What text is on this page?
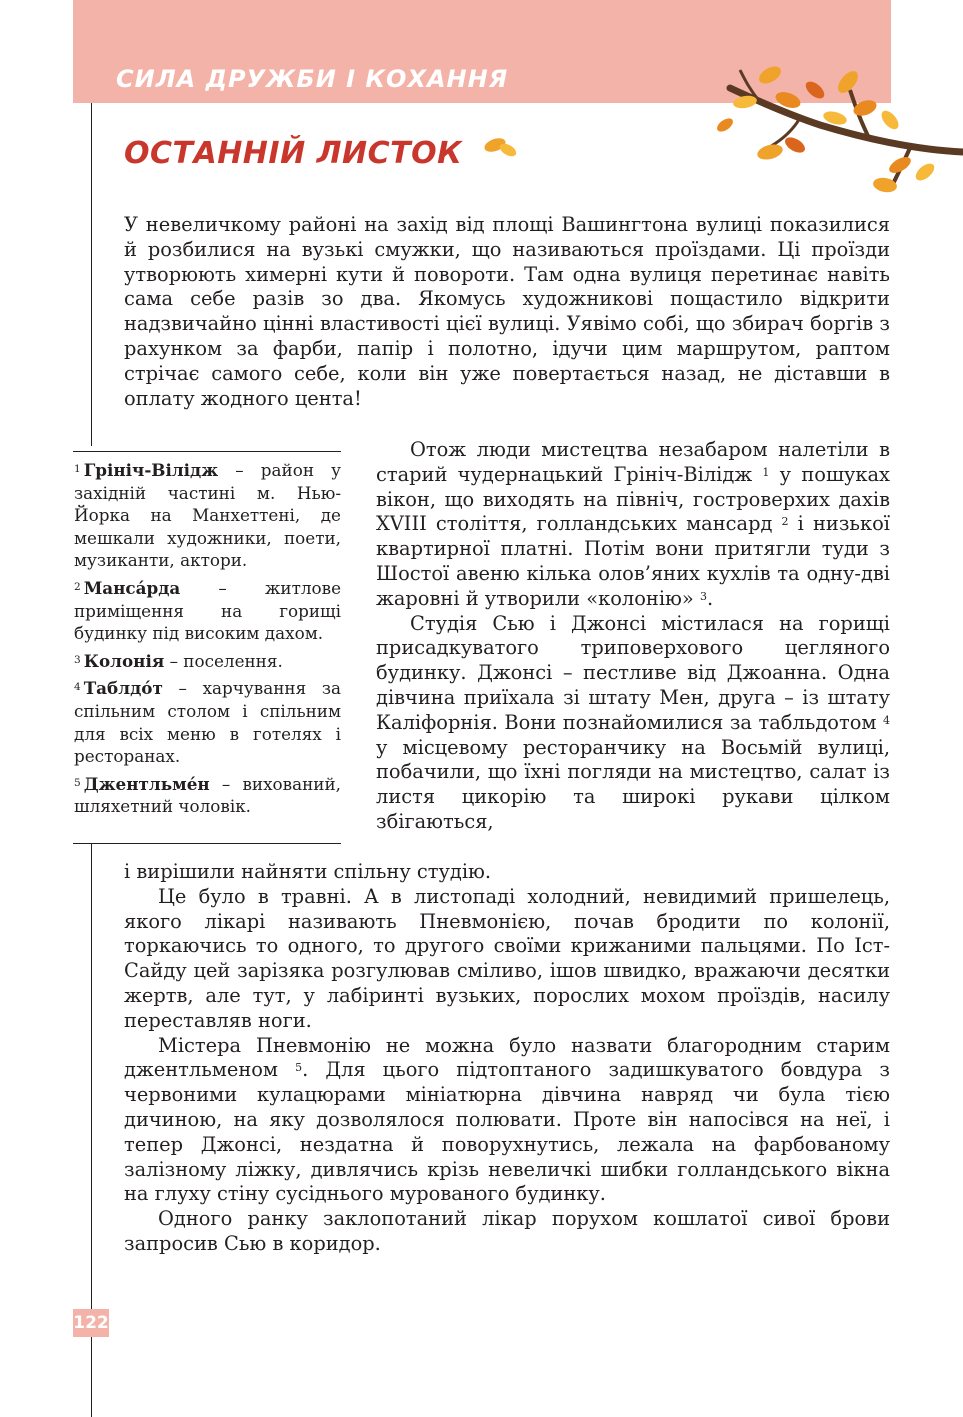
СИЛА ДРУЖБИ І КОХАННЯ
ОСТАННІЙ ЛИСТОК

У невеличкому районі на захід від площі Вашингтона вулиці показилися й розбилися на вузькі смужки, що називаються проїздами. Ці проїзди утворюють химерні кути й повороти. Там одна вулиця перетинає навіть сама себе разів зо два. Якомусь художникові пощастило відкрити надзвичайно цінні властивості цієї вулиці. Уявімо собі, що збирач боргів з рахунком за фарби, папір і полотно, ідучи цим маршрутом, раптом стрічає самого себе, коли він уже повертається назад, не діставши в оплату жодного цента!

$^1$ Грініч-Вілідж – район у західній частині м. Нью-Йорка на Манхеттені, де мешкали художники, поети, музиканти, актори.

$^2$ Манса́рда – житлове приміщення на горищі будинку під високим дахом.

$^3$ Колонія – поселення.

$^4$ Таблдо́т – харчування за спільним столом і спільним для всіх меню в готелях і ресторанах.

$^5$ Джентльме́н – вихований, шляхетний чоловік.

Отож люди мистецтва незабаром налетіли в старий чудернацький Грініч-Вілідж $^1$ у пошуках вікон, що виходять на північ, гостроверхих дахів XVIII століття, голландських мансард $^2$ і низької квартирної платні. Потім вони притягли туди з Шостої авеню кілька олов’яних кухлів та одну-дві жаровні й утворили «колонію» $^3$.

Студія Сью і Джонсі містилася на горищі присадкуватого триповерхового цегляного будинку. Джонсі – пестливе від Джоанна. Одна дівчина приїхала зі штату Мен, друга – із штату Каліфорнія. Вони познайомилися за табльдотом $^4$ у місцевому ресторанчику на Восьмій вулиці, побачили, що їхні погляди на мистецтво, салат із листя цикорію та широкі рукави цілком збігаються,

і вирішили найняти спільну студію.

Це було в травні. А в листопаді холодний, невидимий пришелець, якого лікарі називають Пневмонією, почав бродити по колонії, торкаючись то одного, то другого своїми крижаними пальцями. По Іст-Сайду цей зарізяка розгулював сміливо, ішов швидко, вражаючи десятки жертв, але тут, у лабіринті вузьких, порослих мохом проїздів, насилу переставляв ноги.

Містера Пневмонію не можна було назвати благородним старим джентльменом $^5$. Для цього підтоптаного задишкуватого бовдура з червоними кулацюрами мініатюрна дівчина навряд чи була тією дичиною, на яку дозволялося полювати. Проте він напосівся на неї, і тепер Джонсі, нездатна й поворухнутись, лежала на фарбованому залізному ліжку, дивлячись крізь невеличкі шибки голландського вікна на глуху стіну сусіднього мурованого будинку.

Одного ранку заклопотаний лікар порухом кошлатої сивої брови запросив Сью в коридор.

122
